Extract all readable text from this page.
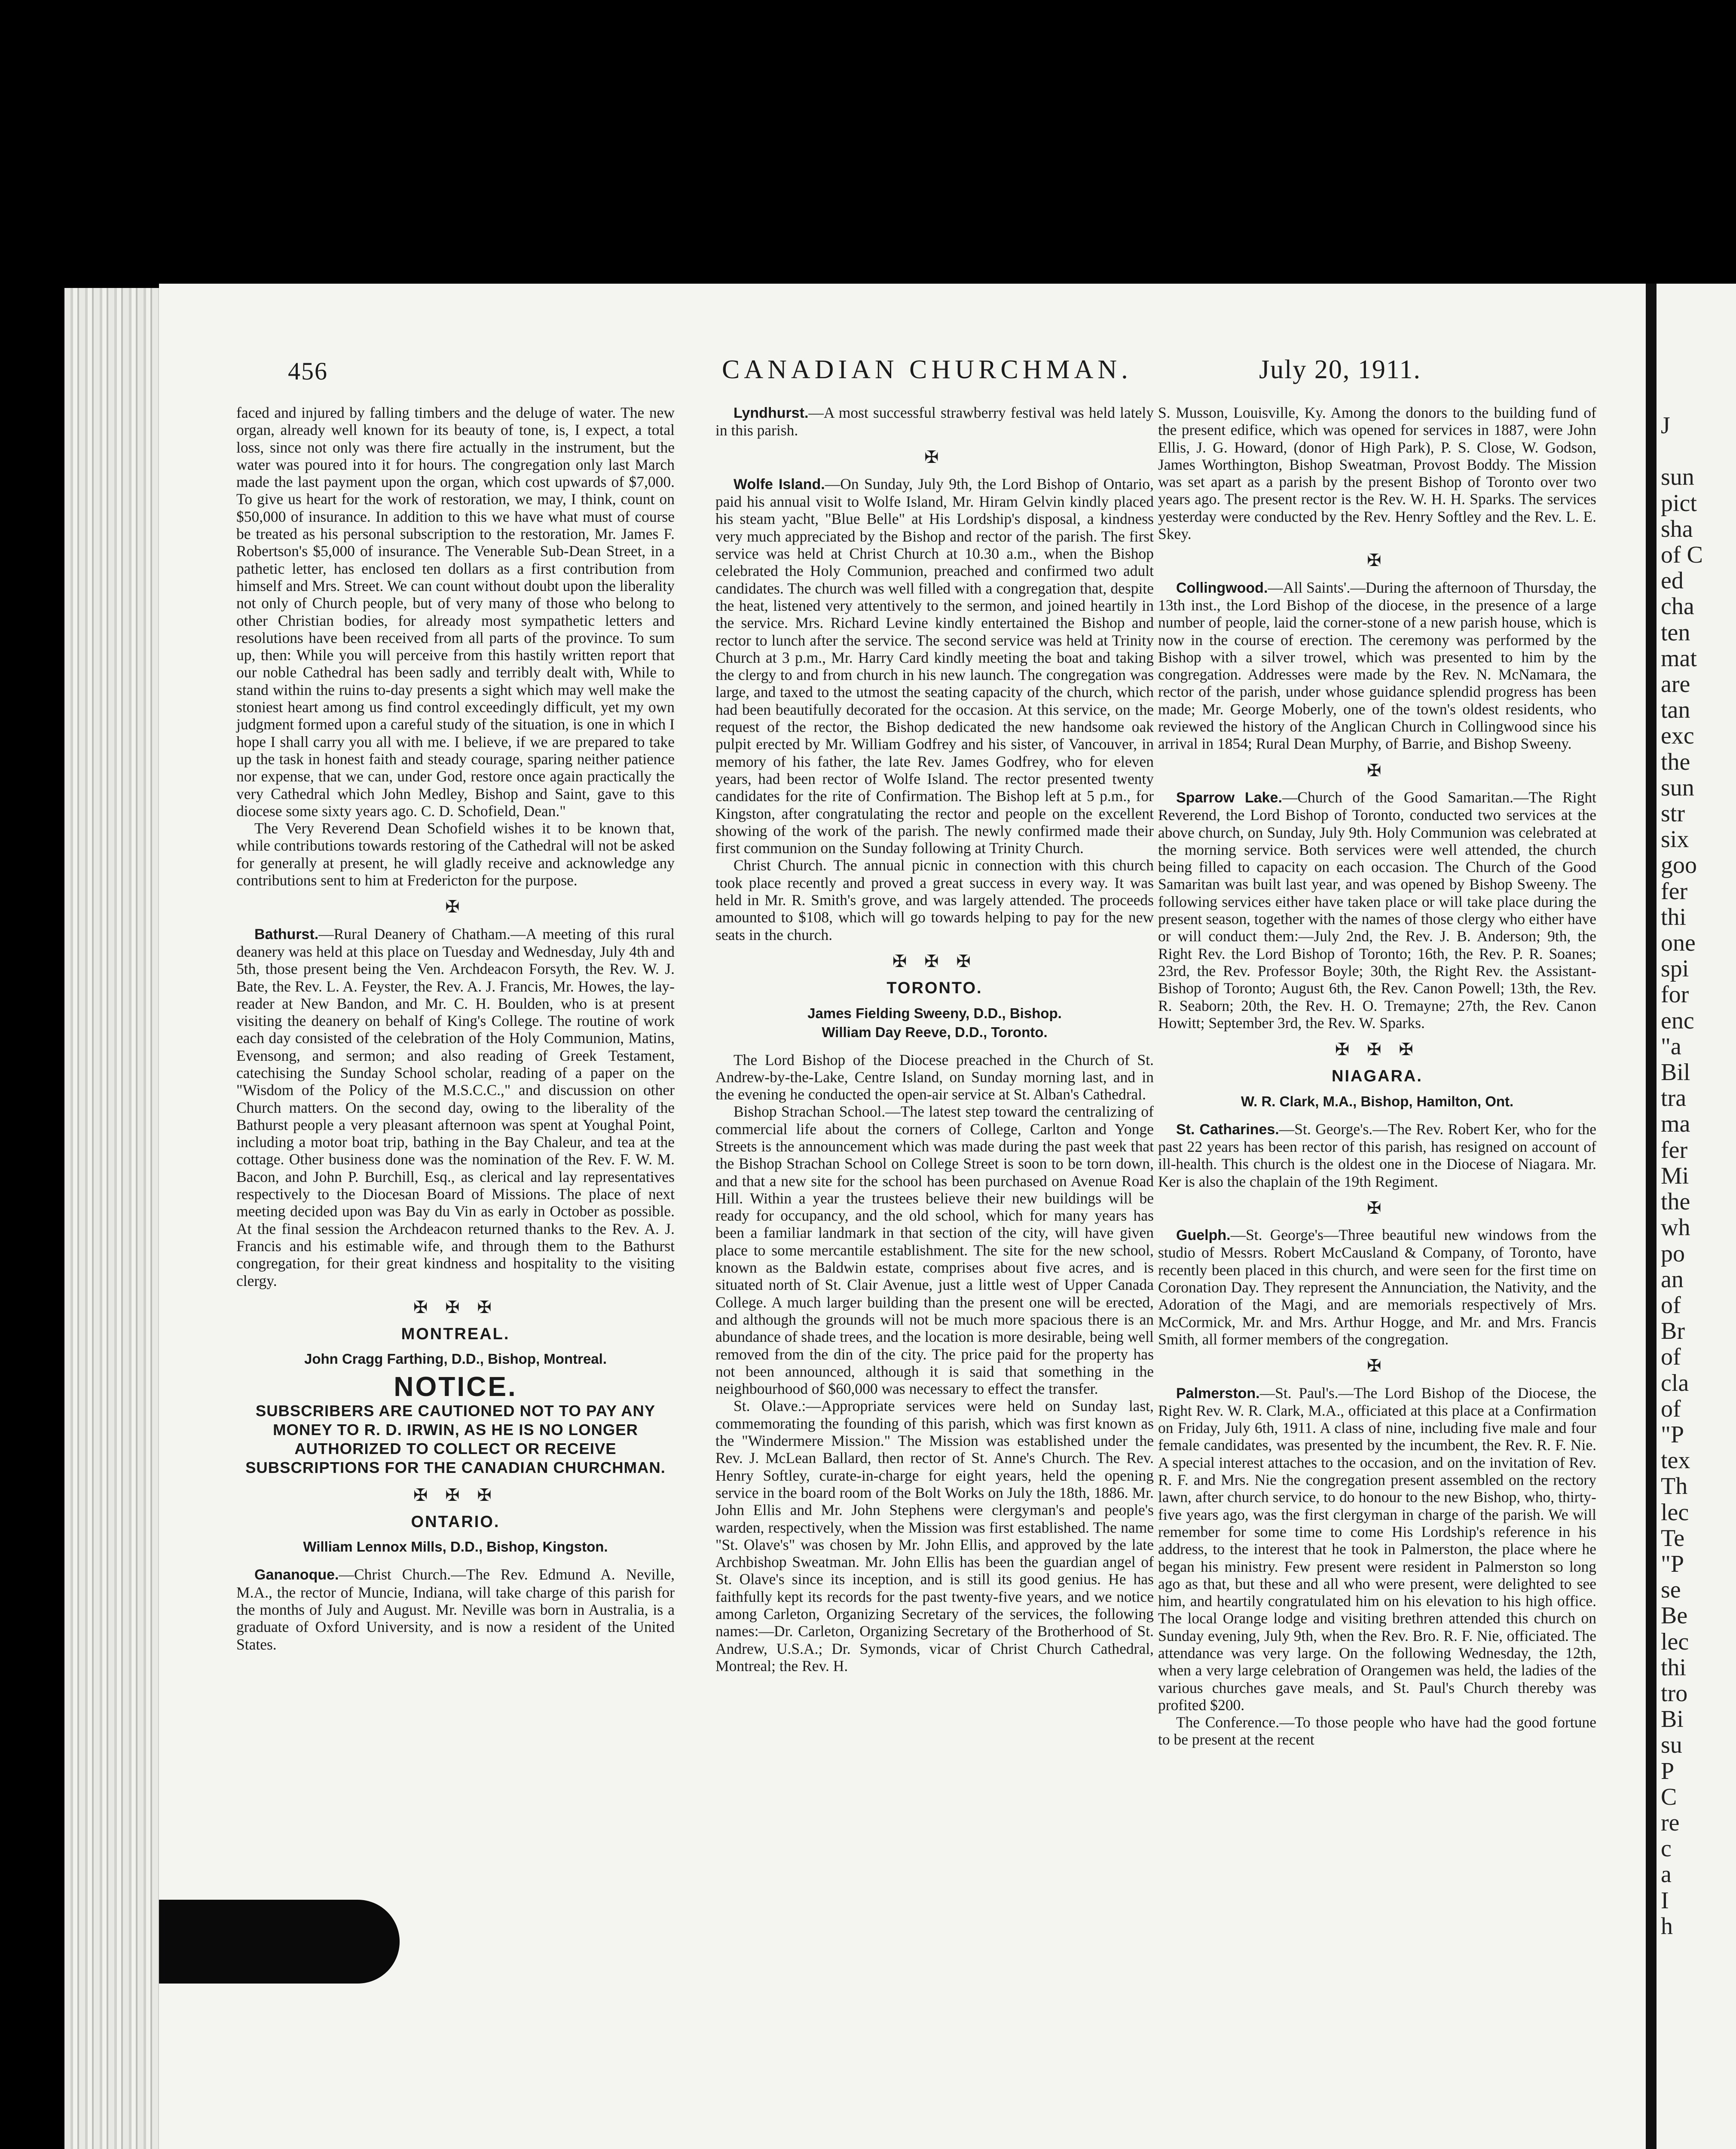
J

sun
pict
sha
of C
ed
cha
ten
mat
are
tan
exc
the
sun
str
six
goo
fer
thi
one
spi
for
enc
"a
Bil
tra
ma
fer
Mi
the
wh
po
an
of
Br
of
cla
of
"P
tex
Th
lec
Te
"P
se
Be
lec
thi
tro
Bi
su
P
C
re
c
a
I
h
456	CANADIAN CHURCHMAN.	July 20, 1911.

faced and injured by falling timbers and the deluge of water. The new organ, already well known for its beauty of tone, is, I expect, a total loss, since not only was there fire actually in the instrument, but the water was poured into it for hours. The congregation only last March made the last payment upon the organ, which cost upwards of $7,000. To give us heart for the work of restoration, we may, I think, count on $50,000 of insurance. In addition to this we have what must of course be treated as his personal subscription to the restoration, Mr. James F. Robertson's $5,000 of insurance. The Venerable Sub-Dean Street, in a pathetic letter, has enclosed ten dollars as a first contribution from himself and Mrs. Street. We can count without doubt upon the liberality not only of Church people, but of very many of those who belong to other Christian bodies, for already most sympathetic letters and resolutions have been received from all parts of the province. To sum up, then: While you will perceive from this hastily written report that our noble Cathedral has been sadly and terribly dealt with, While to stand within the ruins to-day presents a sight which may well make the stoniest heart among us find control exceedingly difficult, yet my own judgment formed upon a careful study of the situation, is one in which I hope I shall carry you all with me. I believe, if we are prepared to take up the task in honest faith and steady courage, sparing neither patience nor expense, that we can, under God, restore once again practically the very Cathedral which John Medley, Bishop and Saint, gave to this diocese some sixty years ago. C. D. Schofield, Dean."

The Very Reverend Dean Schofield wishes it to be known that, while contributions towards restoring of the Cathedral will not be asked for generally at present, he will gladly receive and acknowledge any contributions sent to him at Fredericton for the purpose.

✠

Bathurst.—Rural Deanery of Chatham.—A meeting of this rural deanery was held at this place on Tuesday and Wednesday, July 4th and 5th, those present being the Ven. Archdeacon Forsyth, the Rev. W. J. Bate, the Rev. L. A. Feyster, the Rev. A. J. Francis, Mr. Howes, the lay-reader at New Bandon, and Mr. C. H. Boulden, who is at present visiting the deanery on behalf of King's College. The routine of work each day consisted of the celebration of the Holy Communion, Matins, Evensong, and sermon; and also reading of Greek Testament, catechising the Sunday School scholar, reading of a paper on the "Wisdom of the Policy of the M.S.C.C.," and discussion on other Church matters. On the second day, owing to the liberality of the Bathurst people a very pleasant afternoon was spent at Youghal Point, including a motor boat trip, bathing in the Bay Chaleur, and tea at the cottage. Other business done was the nomination of the Rev. F. W. M. Bacon, and John P. Burchill, Esq., as clerical and lay representatives respectively to the Diocesan Board of Missions. The place of next meeting decided upon was Bay du Vin as early in October as possible. At the final session the Archdeacon returned thanks to the Rev. A. J. Francis and his estimable wife, and through them to the Bathurst congregation, for their great kindness and hospitality to the visiting clergy.

✠ ✠ ✠
MONTREAL.
John Cragg Farthing, D.D., Bishop, Montreal.
NOTICE.
SUBSCRIBERS ARE CAUTIONED NOT TO PAY ANY MONEY TO R. D. IRWIN, AS HE IS NO LONGER AUTHORIZED TO COLLECT OR RECEIVE SUBSCRIPTIONS FOR THE CANADIAN CHURCHMAN.
✠ ✠ ✠
ONTARIO.
William Lennox Mills, D.D., Bishop, Kingston.

Gananoque.—Christ Church.—The Rev. Edmund A. Neville, M.A., the rector of Muncie, Indiana, will take charge of this parish for the months of July and August. Mr. Neville was born in Australia, is a graduate of Oxford University, and is now a resident of the United States.

Lyndhurst.—A most successful strawberry festival was held lately in this parish.

✠

Wolfe Island.—On Sunday, July 9th, the Lord Bishop of Ontario, paid his annual visit to Wolfe Island, Mr. Hiram Gelvin kindly placed his steam yacht, "Blue Belle" at His Lordship's disposal, a kindness very much appreciated by the Bishop and rector of the parish. The first service was held at Christ Church at 10.30 a.m., when the Bishop celebrated the Holy Communion, preached and confirmed two adult candidates. The church was well filled with a congregation that, despite the heat, listened very attentively to the sermon, and joined heartily in the service. Mrs. Richard Levine kindly entertained the Bishop and rector to lunch after the service. The second service was held at Trinity Church at 3 p.m., Mr. Harry Card kindly meeting the boat and taking the clergy to and from church in his new launch. The congregation was large, and taxed to the utmost the seating capacity of the church, which had been beautifully decorated for the occasion. At this service, on the request of the rector, the Bishop dedicated the new handsome oak pulpit erected by Mr. William Godfrey and his sister, of Vancouver, in memory of his father, the late Rev. James Godfrey, who for eleven years, had been rector of Wolfe Island. The rector presented twenty candidates for the rite of Confirmation. The Bishop left at 5 p.m., for Kingston, after congratulating the rector and people on the excellent showing of the work of the parish. The newly confirmed made their first communion on the Sunday following at Trinity Church.

Christ Church. The annual picnic in connection with this church took place recently and proved a great success in every way. It was held in Mr. R. Smith's grove, and was largely attended. The proceeds amounted to $108, which will go towards helping to pay for the new seats in the church.

✠ ✠ ✠
TORONTO.
James Fielding Sweeny, D.D., Bishop.
William Day Reeve, D.D., Toronto.

The Lord Bishop of the Diocese preached in the Church of St. Andrew-by-the-Lake, Centre Island, on Sunday morning last, and in the evening he conducted the open-air service at St. Alban's Cathedral.

Bishop Strachan School.—The latest step toward the centralizing of commercial life about the corners of College, Carlton and Yonge Streets is the announcement which was made during the past week that the Bishop Strachan School on College Street is soon to be torn down, and that a new site for the school has been purchased on Avenue Road Hill. Within a year the trustees believe their new buildings will be ready for occupancy, and the old school, which for many years has been a familiar landmark in that section of the city, will have given place to some mercantile establishment. The site for the new school, known as the Baldwin estate, comprises about five acres, and is situated north of St. Clair Avenue, just a little west of Upper Canada College. A much larger building than the present one will be erected, and although the grounds will not be much more spacious there is an abundance of shade trees, and the location is more desirable, being well removed from the din of the city. The price paid for the property has not been announced, although it is said that something in the neighbourhood of $60,000 was necessary to effect the transfer.

St. Olave.:—Appropriate services were held on Sunday last, commemorating the founding of this parish, which was first known as the "Windermere Mission." The Mission was established under the Rev. J. McLean Ballard, then rector of St. Anne's Church. The Rev. Henry Softley, curate-in-charge for eight years, held the opening service in the board room of the Bolt Works on July the 18th, 1886. Mr. John Ellis and Mr. John Stephens were clergyman's and people's warden, respectively, when the Mission was first established. The name "St. Olave's" was chosen by Mr. John Ellis, and approved by the late Archbishop Sweatman. Mr. John Ellis has been the guardian angel of St. Olave's since its inception, and is still its good genius. He has faithfully kept its records for the past twenty-five years, and we notice among Carleton, Organizing Secretary of the services, the following names:—Dr. Carleton, Organizing Secretary of the Brotherhood of St. Andrew, U.S.A.; Dr. Symonds, vicar of Christ Church Cathedral, Montreal; the Rev. H.

S. Musson, Louisville, Ky. Among the donors to the building fund of the present edifice, which was opened for services in 1887, were John Ellis, J. G. Howard, (donor of High Park), P. S. Close, W. Godson, James Worthington, Bishop Sweatman, Provost Boddy. The Mission was set apart as a parish by the present Bishop of Toronto over two years ago. The present rector is the Rev. W. H. H. Sparks. The services yesterday were conducted by the Rev. Henry Softley and the Rev. L. E. Skey.

✠

Collingwood.—All Saints'.—During the afternoon of Thursday, the 13th inst., the Lord Bishop of the diocese, in the presence of a large number of people, laid the corner-stone of a new parish house, which is now in the course of erection. The ceremony was performed by the Bishop with a silver trowel, which was presented to him by the congregation. Addresses were made by the Rev. N. McNamara, the rector of the parish, under whose guidance splendid progress has been made; Mr. George Moberly, one of the town's oldest residents, who reviewed the history of the Anglican Church in Collingwood since his arrival in 1854; Rural Dean Murphy, of Barrie, and Bishop Sweeny.

✠

Sparrow Lake.—Church of the Good Samaritan.—The Right Reverend, the Lord Bishop of Toronto, conducted two services at the above church, on Sunday, July 9th. Holy Communion was celebrated at the morning service. Both services were well attended, the church being filled to capacity on each occasion. The Church of the Good Samaritan was built last year, and was opened by Bishop Sweeny. The following services either have taken place or will take place during the present season, together with the names of those clergy who either have or will conduct them:—July 2nd, the Rev. J. B. Anderson; 9th, the Right Rev. the Lord Bishop of Toronto; 16th, the Rev. P. R. Soanes; 23rd, the Rev. Professor Boyle; 30th, the Right Rev. the Assistant-Bishop of Toronto; August 6th, the Rev. Canon Powell; 13th, the Rev. R. Seaborn; 20th, the Rev. H. O. Tremayne; 27th, the Rev. Canon Howitt; September 3rd, the Rev. W. Sparks.

✠ ✠ ✠
NIAGARA.
W. R. Clark, M.A., Bishop, Hamilton, Ont.

St. Catharines.—St. George's.—The Rev. Robert Ker, who for the past 22 years has been rector of this parish, has resigned on account of ill-health. This church is the oldest one in the Diocese of Niagara. Mr. Ker is also the chaplain of the 19th Regiment.

✠

Guelph.—St. George's—Three beautiful new windows from the studio of Messrs. Robert McCausland & Company, of Toronto, have recently been placed in this church, and were seen for the first time on Coronation Day. They represent the Annunciation, the Nativity, and the Adoration of the Magi, and are memorials respectively of Mrs. McCormick, Mr. and Mrs. Arthur Hogge, and Mr. and Mrs. Francis Smith, all former members of the congregation.

✠

Palmerston.—St. Paul's.—The Lord Bishop of the Diocese, the Right Rev. W. R. Clark, M.A., officiated at this place at a Confirmation on Friday, July 6th, 1911. A class of nine, including five male and four female candidates, was presented by the incumbent, the Rev. R. F. Nie. A special interest attaches to the occasion, and on the invitation of Rev. R. F. and Mrs. Nie the congregation present assembled on the rectory lawn, after church service, to do honour to the new Bishop, who, thirty-five years ago, was the first clergyman in charge of the parish. We will remember for some time to come His Lordship's reference in his address, to the interest that he took in Palmerston, the place where he began his ministry. Few present were resident in Palmerston so long ago as that, but these and all who were present, were delighted to see him, and heartily congratulated him on his elevation to his high office. The local Orange lodge and visiting brethren attended this church on Sunday evening, July 9th, when the Rev. Bro. R. F. Nie, officiated. The attendance was very large. On the following Wednesday, the 12th, when a very large celebration of Orangemen was held, the ladies of the various churches gave meals, and St. Paul's Church thereby was profited $200.

The Conference.—To those people who have had the good fortune to be present at the recent
